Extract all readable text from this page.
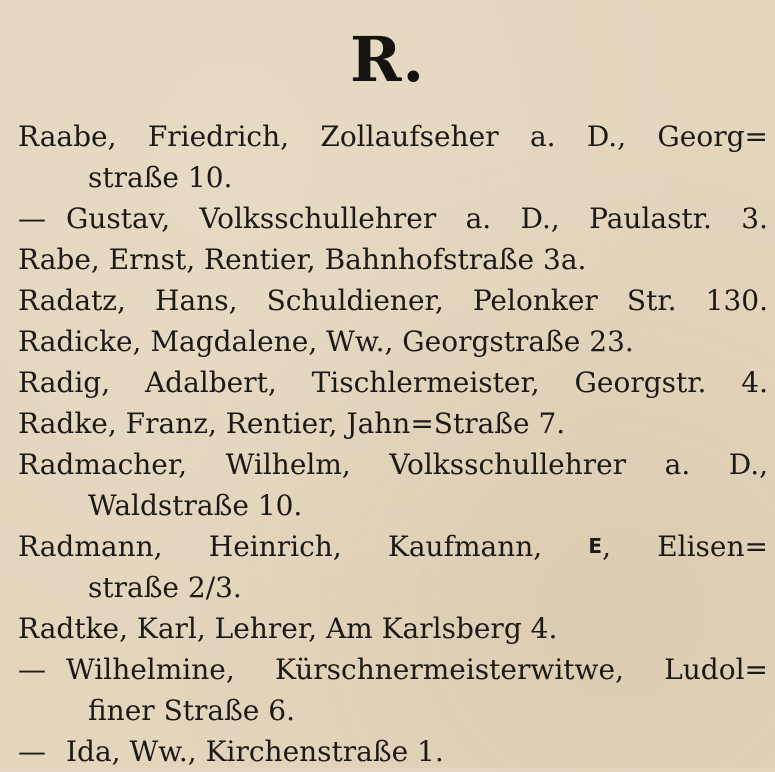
R.
Raabe, Friedrich, Zollaufseher a. D., Georg=
straße 10.
— Gustav, Volksschullehrer a. D., Paulastr. 3.
Rabe, Ernst, Rentier, Bahnhofstraße 3a.
Radatz, Hans, Schuldiener, Pelonker Str. 130.
Radicke, Magdalene, Ww., Georgstraße 23.
Radig, Adalbert, Tischlermeister, Georgstr. 4.
Radke, Franz, Rentier, Jahn=Straße 7.
Radmacher, Wilhelm, Volksschullehrer a. D.,
Waldstraße 10.
Radmann, Heinrich, Kaufmann, E, Elisen=
straße 2/3.
Radtke, Karl, Lehrer, Am Karlsberg 4.
— Wilhelmine, Kürschnermeisterwitwe, Ludol=
finer Straße 6.
— Ida, Ww., Kirchenstraße 1.
